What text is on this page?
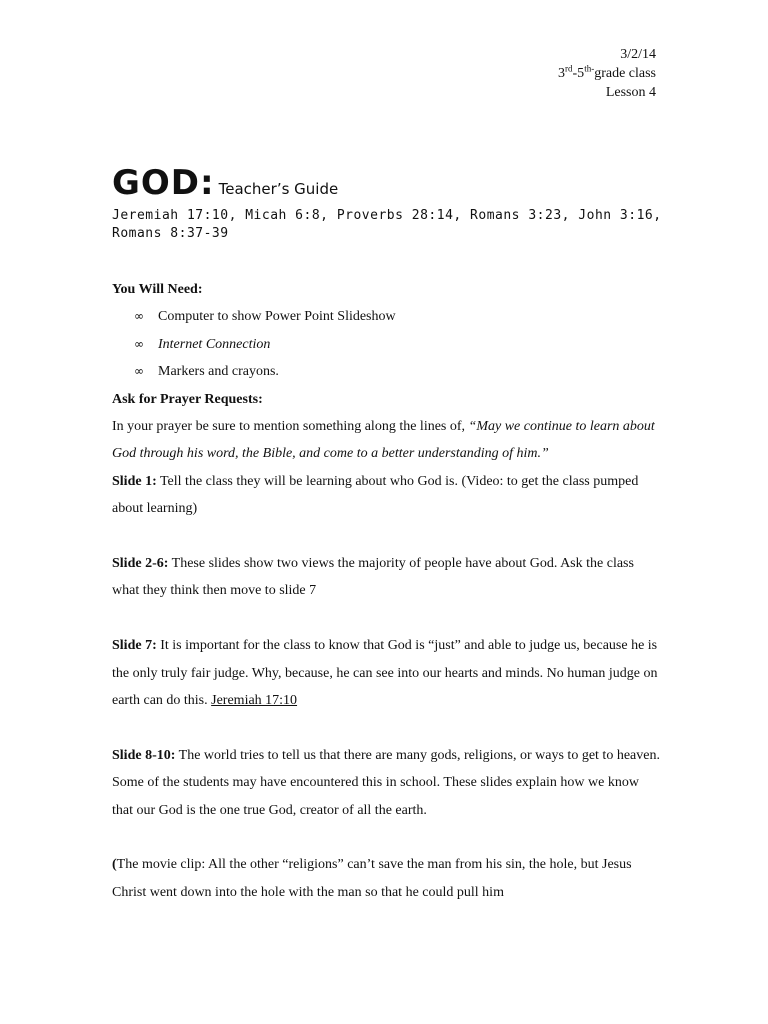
3/2/14
$3rd-5^{th-}grade$ class
Lesson 4
GOD: Teacher’s Guide
Jeremiah 17:10, Micah 6:8, Proverbs 28:14, Romans 3:23, John 3:16, Romans 8:37-39

You Will Need:

∞ Computer to show Power Point Slideshow
∞ Internet Connection
∞ Markers and crayons.

Ask for Prayer Requests:

In your prayer be sure to mention something along the lines of, “May we continue to learn about God through his word, the Bible, and come to a better understanding of him.”

Slide 1: Tell the class they will be learning about who God is. (Video: to get the class pumped about learning)

Slide 2-6: These slides show two views the majority of people have about God. Ask the class what they think then move to slide 7

Slide 7: It is important for the class to know that God is “just” and able to judge us, because he is the only truly fair judge. Why, because, he can see into our hearts and minds. No human judge on earth can do this. Jeremiah 17:10

Slide 8-10: The world tries to tell us that there are many gods, religions, or ways to get to heaven. Some of the students may have encountered this in school. These slides explain how we know that our God is the one true God, creator of all the earth.

(The movie clip: All the other “religions” can’t save the man from his sin, the hole, but Jesus Christ went down into the hole with the man so that he could pull him
